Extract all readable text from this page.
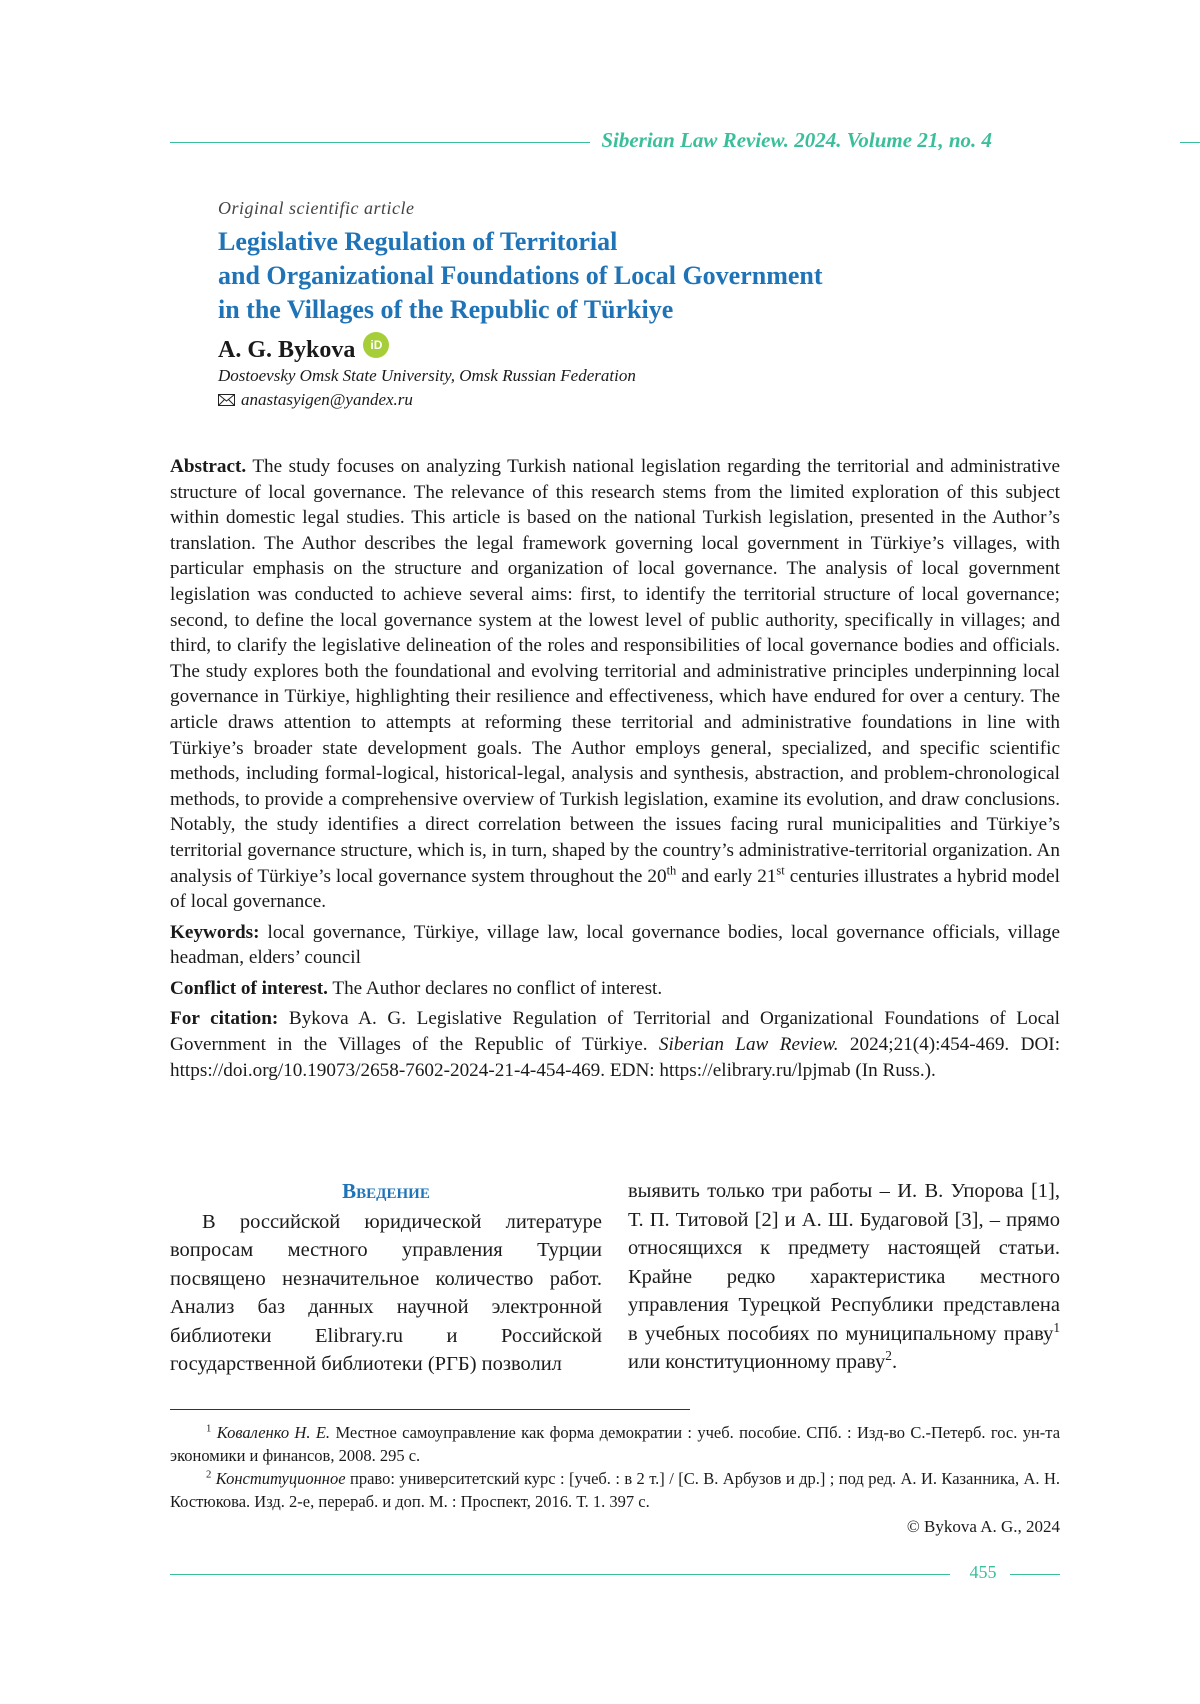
Siberian Law Review. 2024. Volume 21, no. 4
Original scientific article
Legislative Regulation of Territorial
and Organizational Foundations of Local Government
in the Villages of the Republic of Türkiye
A. G. Bykova	iD
Dostoevsky Omsk State University, Omsk Russian Federation
anastasyigen@yandex.ru

Abstract. The study focuses on analyzing Turkish national legislation regarding the territorial and administrative structure of local governance. The relevance of this research stems from the limited exploration of this subject within domestic legal studies. This article is based on the national Turkish legislation, presented in the Author’s translation. The Author describes the legal framework governing local government in Türkiye’s villages, with particular emphasis on the structure and organization of local governance. The analysis of local government legislation was conducted to achieve several aims: first, to identify the territorial structure of local governance; second, to define the local governance system at the lowest level of public authority, specifically in villages; and third, to clarify the legislative delineation of the roles and responsibilities of local governance bodies and officials. The study explores both the foundational and evolving territorial and administrative principles underpinning local governance in Türkiye, highlighting their resilience and effectiveness, which have endured for over a century. The article draws attention to attempts at reforming these territorial and administrative foundations in line with Türkiye’s broader state development goals. The Author employs general, specialized, and specific scientific methods, including formal-logical, historical-legal, analysis and synthesis, abstraction, and problem-chronological methods, to provide a comprehensive overview of Turkish legislation, examine its evolution, and draw conclusions. Notably, the study identifies a direct correlation between the issues facing rural municipalities and Türkiye’s territorial governance structure, which is, in turn, shaped by the country’s administrative-territorial organization. An analysis of Türkiye’s local governance system throughout the 20th and early 21st centuries illustrates a hybrid model of local governance.

Keywords: local governance, Türkiye, village law, local governance bodies, local governance officials, village headman, elders’ council

Conflict of interest. The Author declares no conflict of interest.

For citation: Bykova A. G. Legislative Regulation of Territorial and Organizational Foundations of Local Government in the Villages of the Republic of Türkiye. Siberian Law Review. 2024;21(4):454-469. DOI: https://doi.org/10.19073/2658-7602-2024-21-4-454-469. EDN: https://elibrary.ru/lpjmab (In Russ.).

Введение

В российской юридической литературе вопросам местного управления Турции посвящено незначительное количество работ. Анализ баз данных научной электронной библиотеки Elibrary.ru и Российской государственной библиотеки (РГБ) позволил

выявить только три работы – И. В. Упорова [1], Т. П. Титовой [2] и А. Ш. Будаговой [3], – прямо относящихся к предмету настоящей статьи. Крайне редко характеристика местного управления Турецкой Республики представлена в учебных пособиях по муниципальному праву$^1$ или конституционному праву$^2$.

$^1$ Коваленко Н. Е. Местное самоуправление как форма демократии : учеб. пособие. СПб. : Изд-во С.-Петерб. гос. ун-та экономики и финансов, 2008. 295 с.

$^2$ Конституционное право: университетский курс : [учеб. : в 2 т.] / [С. В. Арбузов и др.] ; под ред. А. И. Казанника, А. Н. Костюкова. Изд. 2-е, перераб. и доп. М. : Проспект, 2016. Т. 1. 397 с.

© Bykova A. G., 2024
455
